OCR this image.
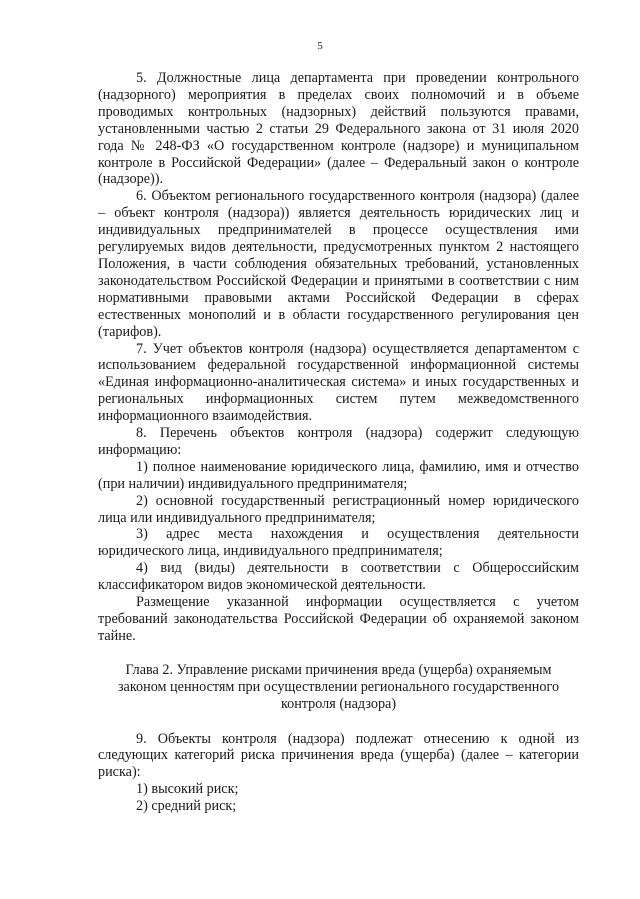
5

5. Должностные лица департамента при проведении контрольного (надзорного) мероприятия в пределах своих полномочий и в объеме проводимых контрольных (надзорных) действий пользуются правами, установленными частью 2 статьи 29 Федерального закона от 31 июля 2020 года № 248-ФЗ «О государственном контроле (надзоре) и муниципальном контроле в Российской Федерации» (далее – Федеральный закон о контроле (надзоре)).

6. Объектом регионального государственного контроля (надзора) (далее – объект контроля (надзора)) является деятельность юридических лиц и индивидуальных предпринимателей в процессе осуществления ими регулируемых видов деятельности, предусмотренных пунктом 2 настоящего Положения, в части соблюдения обязательных требований, установленных законодательством Российской Федерации и принятыми в соответствии с ним нормативными правовыми актами Российской Федерации в сферах естественных монополий и в области государственного регулирования цен (тарифов).

7. Учет объектов контроля (надзора) осуществляется департаментом с использованием федеральной государственной информационной системы «Единая информационно-аналитическая система» и иных государственных и региональных информационных систем путем межведомственного информационного взаимодействия.

8. Перечень объектов контроля (надзора) содержит следующую информацию:

1) полное наименование юридического лица, фамилию, имя и отчество (при наличии) индивидуального предпринимателя;

2) основной государственный регистрационный номер юридического лица или индивидуального предпринимателя;

3) адрес места нахождения и осуществления деятельности юридического лица, индивидуального предпринимателя;

4) вид (виды) деятельности в соответствии с Общероссийским классификатором видов экономической деятельности.

Размещение указанной информации осуществляется с учетом требований законодательства Российской Федерации об охраняемой законом тайне.

Глава 2. Управление рисками причинения вреда (ущерба) охраняемым законом ценностям при осуществлении регионального государственного контроля (надзора)

9. Объекты контроля (надзора) подлежат отнесению к одной из следующих категорий риска причинения вреда (ущерба) (далее – категории риска):

1) высокий риск;

2) средний риск;
